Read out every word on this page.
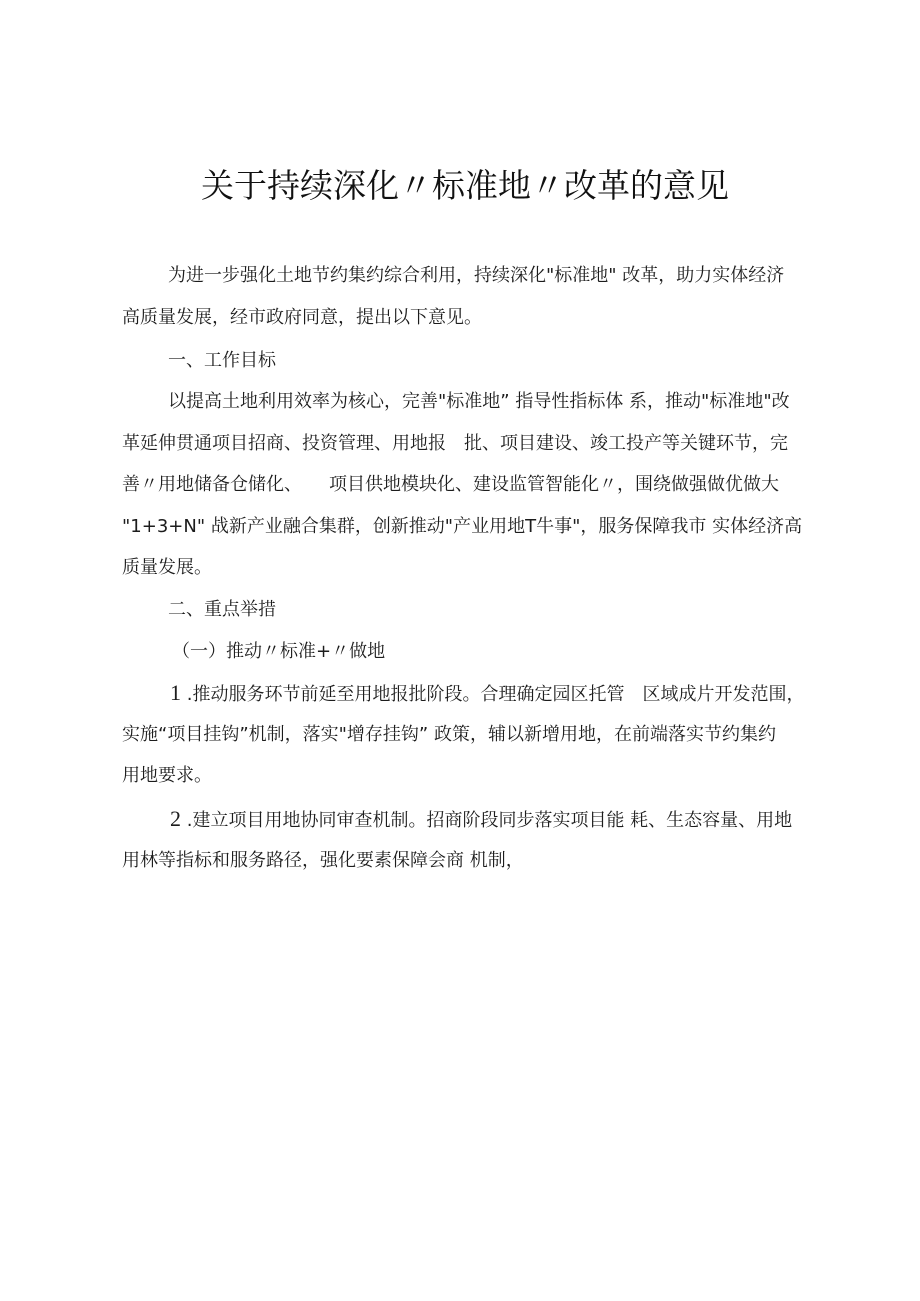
关于持续深化〃标准地〃改革的意见
为进一步强化土地节约集约综合利用，持续深化"标准地" 改革，助力实体经济
高质量发展，经市政府同意，提出以下意见。
一、工作目标
以提高土地利用效率为核心，完善"标准地” 指导性指标体 系，推动"标准地"改
革延伸贯通项目招商、投资管理、用地报　批、项目建设、竣工投产等关键环节，完
善〃用地储备仓储化、　　项目供地模块化、建设监管智能化〃，围绕做强做优做大
"1+3+N" 战新产业融合集群，创新推动"产业用地T牛事"，服务保障我市 实体经济高
质量发展。
二、重点举措
（一）推动〃标准+〃做地
1 .推动服务环节前延至用地报批阶段。合理确定园区托管　区域成片开发范围，
实施“项目挂钩”机制，落实"增存挂钩” 政策，辅以新增用地，在前端落实节约集约
用地要求。
2 .建立项目用地协同审查机制。招商阶段同步落实项目能 耗、生态容量、用地
用林等指标和服务路径，强化要素保障会商 机制，
